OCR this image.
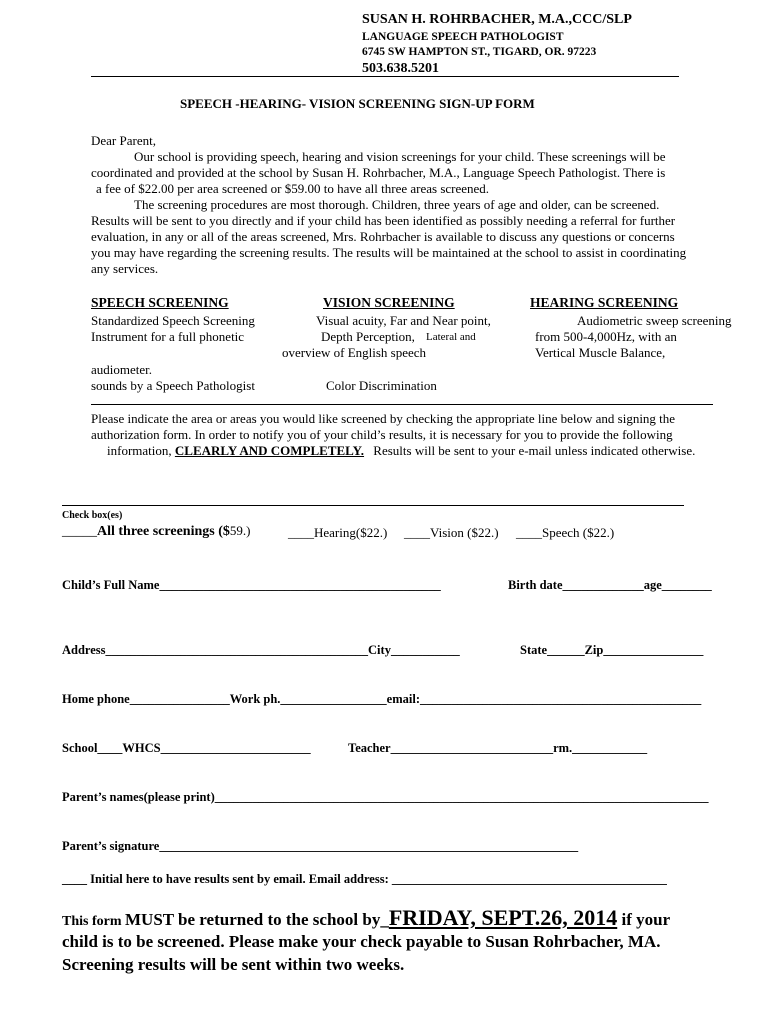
SUSAN H. ROHRBACHER, M.A.,CCC/SLP
LANGUAGE SPEECH PATHOLOGIST
6745 SW HAMPTON ST., TIGARD, OR. 97223
503.638.5201
SPEECH -HEARING- VISION SCREENING SIGN-UP FORM
Dear Parent,
Our school is providing speech, hearing and vision screenings for your child. These screenings will be
coordinated and provided at the school by Susan H. Rohrbacher, M.A., Language Speech Pathologist. There is
a fee of $22.00 per area screened or $59.00 to have all three areas screened.
The screening procedures are most thorough. Children, three years of age and older, can be screened.
Results will be sent to you directly and if your child has been identified as possibly needing a referral for further
evaluation, in any or all of the areas screened, Mrs. Rohrbacher is available to discuss any questions or concerns
you may have regarding the screening results. The results will be maintained at the school to assist in coordinating
any services.
SPEECH SCREENING	VISION SCREENING	HEARING SCREENING
Standardized Speech Screening	Visual acuity, Far and Near point,	Audiometric sweep screening
Instrument for a full phonetic	Depth Perception, Lateral and	from 500-4,000Hz, with an
overview of English speech	Vertical Muscle Balance,
audiometer.
sounds by a Speech Pathologist	Color Discrimination
Please indicate the area or areas you would like screened by checking the appropriate line below and signing the
authorization form. In order to notify you of your child’s results, it is necessary for you to provide the following
information, CLEARLY AND COMPLETELY. Results will be sent to your e-mail unless indicated otherwise.
Check box(es)
_____All three screenings ($59.)	____Hearing($22.) ____Vision ($22.) ____Speech ($22.)
Child’s Full Name_____________________________________________	Birth date_____________age________
Address__________________________________________City___________	State______Zip________________
Home phone________________Work ph._________________email:_____________________________________________
School____WHCS________________________	Teacher__________________________rm.____________
Parent’s names(please print)_______________________________________________________________________________
Parent’s signature___________________________________________________________________
____ Initial here to have results sent by email. Email address: ____________________________________________
This form MUST be returned to the school by_FRIDAY, SEPT.26, 2014 if your
child is to be screened. Please make your check payable to Susan Rohrbacher, MA.
Screening results will be sent within two weeks.
